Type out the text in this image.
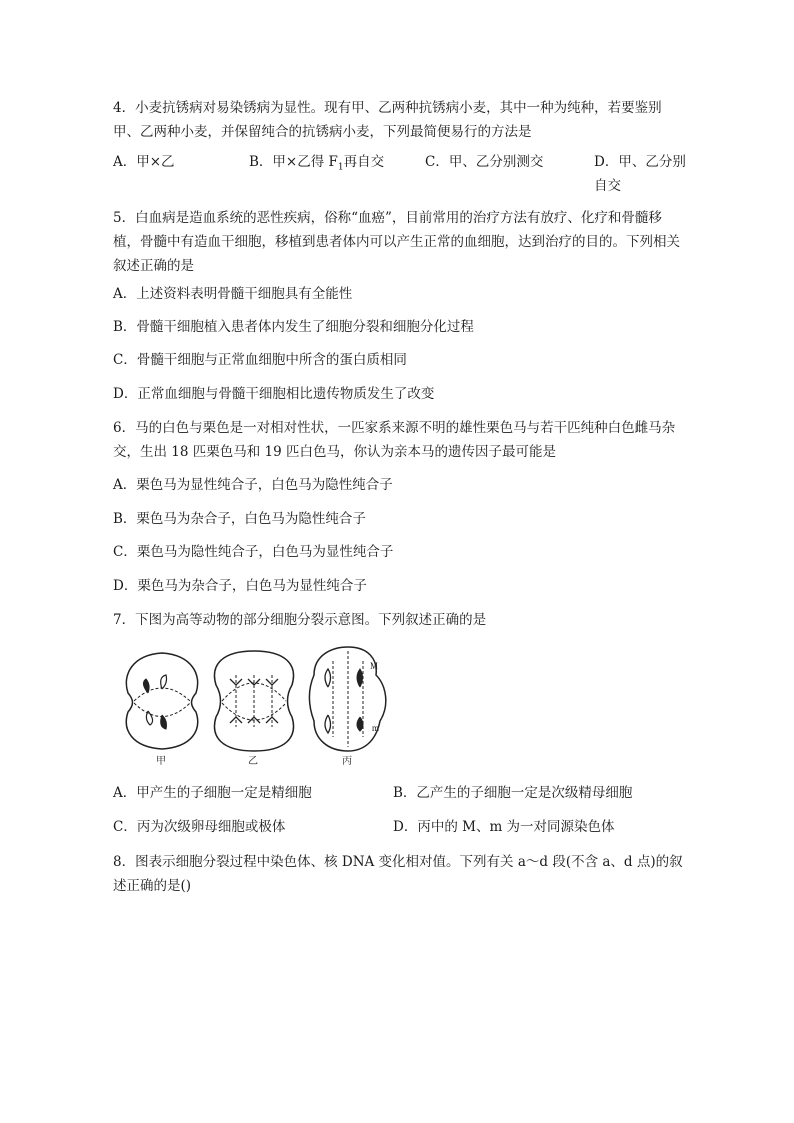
4．小麦抗锈病对易染锈病为显性。现有甲、乙两种抗锈病小麦，其中一种为纯种，若要鉴别甲、乙两种小麦，并保留纯合的抗锈病小麦，下列最简便易行的方法是

A．甲×乙	B．甲×乙得 $F_1$再自交	C．甲、乙分别测交	D．甲、乙分别自交

5．白血病是造血系统的恶性疾病，俗称“血癌”，目前常用的治疗方法有放疗、化疗和骨髓移植，骨髓中有造血干细胞，移植到患者体内可以产生正常的血细胞，达到治疗的目的。下列相关叙述正确的是

A．上述资料表明骨髓干细胞具有全能性
B．骨髓干细胞植入患者体内发生了细胞分裂和细胞分化过程
C．骨髓干细胞与正常血细胞中所含的蛋白质相同
D．正常血细胞与骨髓干细胞相比遗传物质发生了改变

6．马的白色与栗色是一对相对性状，一匹家系来源不明的雄性栗色马与若干匹纯种白色雌马杂交，生出 18 匹栗色马和 19 匹白色马，你认为亲本马的遗传因子最可能是

A．栗色马为显性纯合子，白色马为隐性纯合子
B．栗色马为杂合子，白色马为隐性纯合子
C．栗色马为隐性纯合子，白色马为显性纯合子
D．栗色马为杂合子，白色马为显性纯合子

7．下图为高等动物的部分细胞分裂示意图。下列叙述正确的是

M
m
甲	乙	丙
A．甲产生的子细胞一定是精细胞	B．乙产生的子细胞一定是次级精母细胞
C．丙为次级卵母细胞或极体	D．丙中的 M、m 为一对同源染色体

8．图表示细胞分裂过程中染色体、核 DNA 变化相对值。下列有关 a～d 段(不含 a、d 点)的叙述正确的是()
